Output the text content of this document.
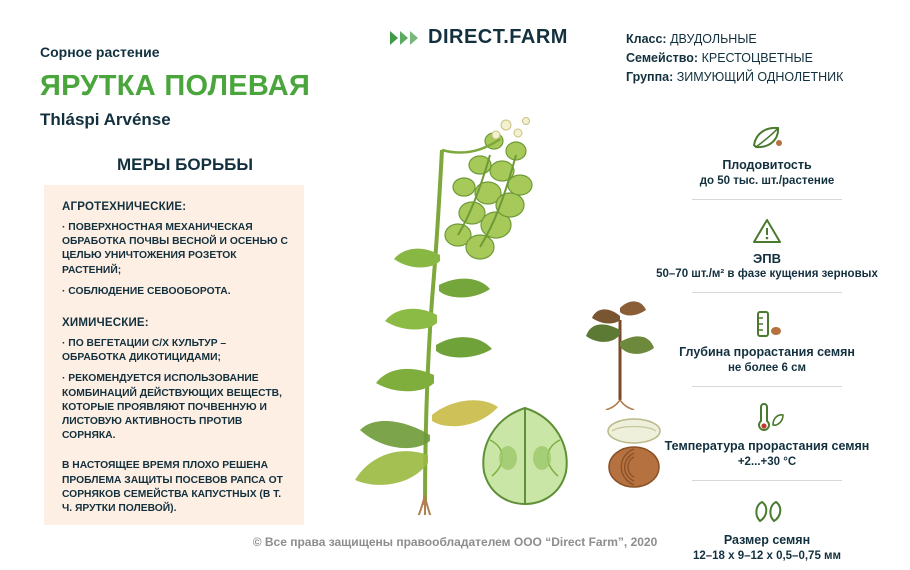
DIRECT.FARM	Класс: ДВУДОЛЬНЫЕ
Семейство: КРЕСТОЦВЕТНЫЕ
Группа: ЗИМУЮЩИЙ ОДНОЛЕТНИК
Сорное растение
ЯРУТКА ПОЛЕВАЯ
Thláspi Arvénse
МЕРЫ БОРЬБЫ
АГРОТЕХНИЧЕСКИЕ:
· ПОВЕРХНОСТНАЯ МЕХАНИЧЕСКАЯ ОБРАБОТКА ПОЧВЫ ВЕСНОЙ И ОСЕНЬЮ С ЦЕЛЬЮ УНИЧТОЖЕНИЯ РОЗЕТОК РАСТЕНИЙ;
· СОБЛЮДЕНИЕ СЕВООБОРОТА.
ХИМИЧЕСКИЕ:
· ПО ВЕГЕТАЦИИ С/Х КУЛЬТУР – ОБРАБОТКА ДИКОТИЦИДАМИ;
· РЕКОМЕНДУЕТСЯ ИСПОЛЬЗОВАНИЕ КОМБИНАЦИЙ ДЕЙСТВУЮЩИХ ВЕЩЕСТВ, КОТОРЫЕ ПРОЯВЛЯЮТ ПОЧВЕННУЮ И ЛИСТОВУЮ АКТИВНОСТЬ ПРОТИВ СОРНЯКА.
В НАСТОЯЩЕЕ ВРЕМЯ ПЛОХО РЕШЕНА ПРОБЛЕМА ЗАЩИТЫ ПОСЕВОВ РАПСА ОТ СОРНЯКОВ СЕМЕЙСТВА КАПУСТНЫХ (В Т. Ч. ЯРУТКИ ПОЛЕВОЙ).
Плодовитость
до 50 тыс. шт./растение
ЭПВ
50–70 шт./м² в фазе кущения зерновых
Глубина прорастания семян
не более 6 см
Температура прорастания семян
+2...+30 °С
Размер семян
12–18 х 9–12 х 0,5–0,75 мм
© Все права защищены правообладателем ООО “Direct Farm”, 2020
